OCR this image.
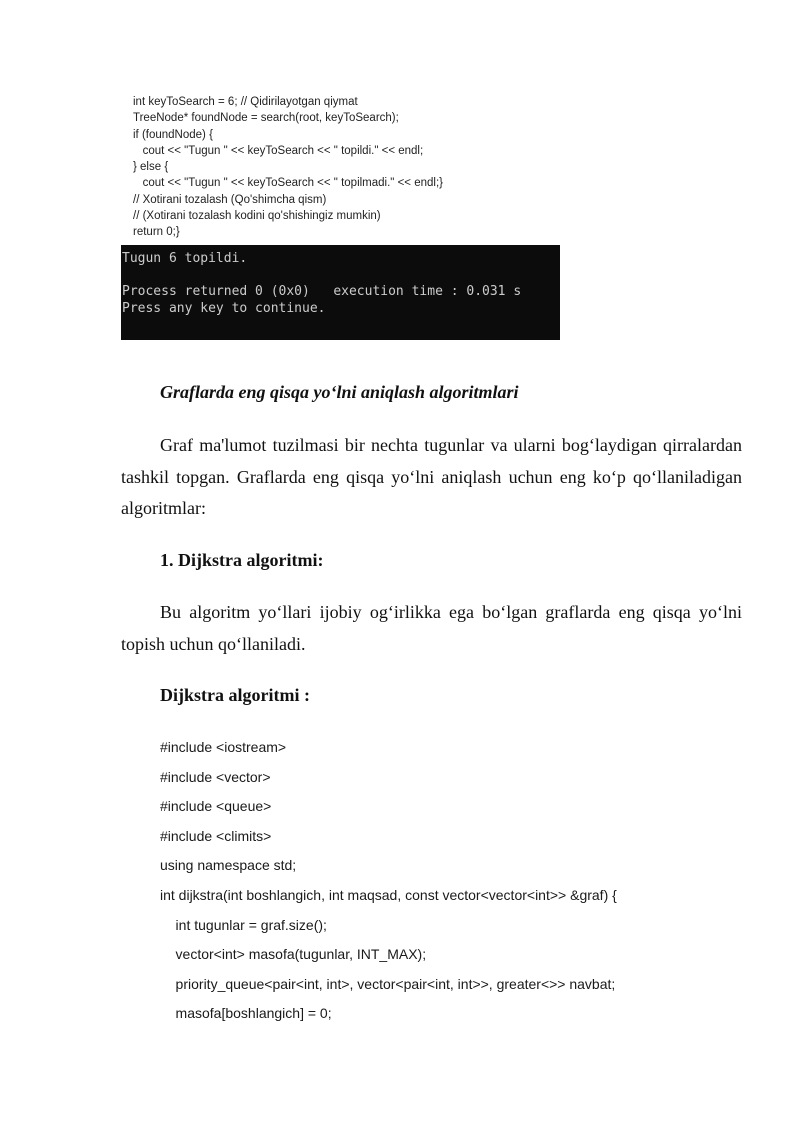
int keyToSearch = 6; // Qidirilayotgan qiymat
TreeNode* foundNode = search(root, keyToSearch);
if (foundNode) {
cout << "Tugun " << keyToSearch << " topildi." << endl;
} else {
cout << "Tugun " << keyToSearch << " topilmadi." << endl;}
// Xotirani tozalash (Qo'shimcha qism)
// (Xotirani tozalash kodini qo'shishingiz mumkin)
return 0;}
Tugun 6 topildi.
Process returned 0 (0x0)   execution time : 0.031 s
Press any key to continue.
Graflarda eng qisqa yo‘lni aniqlash algoritmlari
Graf ma'lumot tuzilmasi bir nechta tugunlar va ularni bog‘laydigan qirralardan tashkil topgan. Graflarda eng qisqa yo‘lni aniqlash uchun eng ko‘p qo‘llaniladigan algoritmlar:
1. Dijkstra algoritmi:
Bu algoritm yo‘llari ijobiy og‘irlikka ega bo‘lgan graflarda eng qisqa yo‘lni topish uchun qo‘llaniladi.
Dijkstra algoritmi :
#include <iostream>
#include <vector>
#include <queue>
#include <climits>
using namespace std;
int dijkstra(int boshlangich, int maqsad, const vector<vector<int>> &graf) {
int tugunlar = graf.size();
vector<int> masofa(tugunlar, INT_MAX);
priority_queue<pair<int, int>, vector<pair<int, int>>, greater<>> navbat;
masofa[boshlangich] = 0;
